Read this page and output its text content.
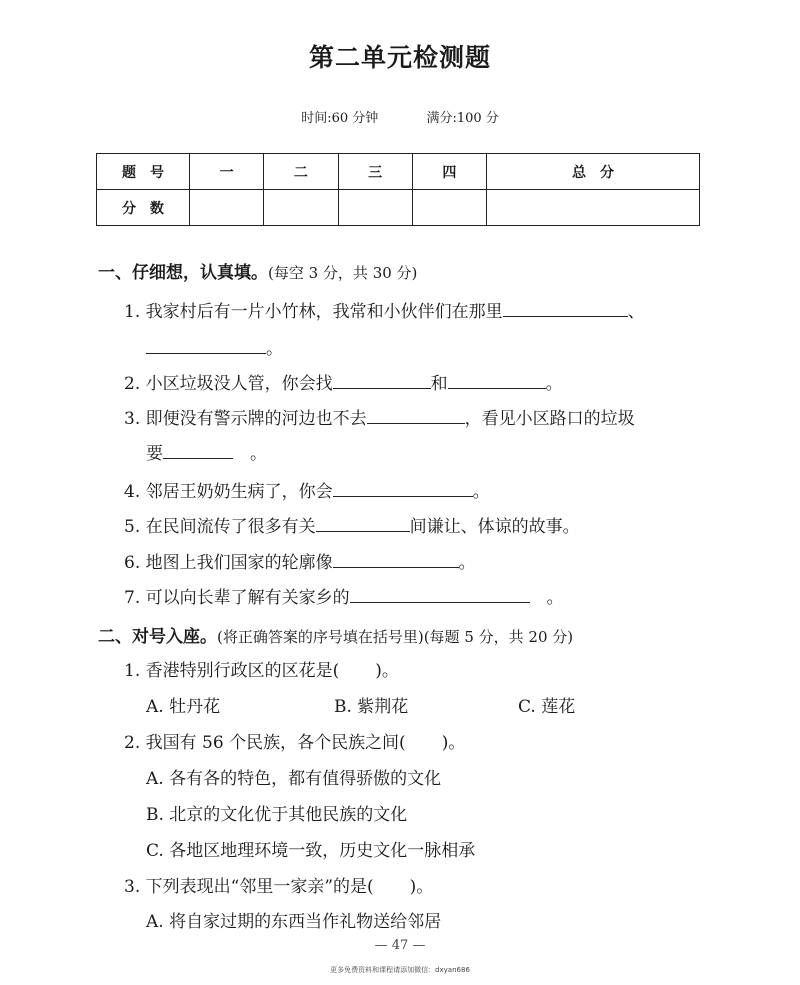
第二单元检测题
时间:60 分钟	满分:100 分
题　号	一	二	三	四	总　分
分　数					
一、仔细想，认真填。(每空 3 分，共 30 分)
1. 我家村后有一片小竹林，我常和小伙伴们在那里	、
。
2. 小区垃圾没人管，你会找	和	。
3. 即便没有警示牌的河边也不去	，看见小区路口的垃圾
要　	。
4. 邻居王奶奶生病了，你会	。
5. 在民间流传了很多有关	间谦让、体谅的故事。
6. 地图上我们国家的轮廓像	。
7. 可以向长辈了解有关家乡的　	。
二、对号入座。(将正确答案的序号填在括号里)(每题 5 分，共 20 分)
1. 香港特别行政区的区花是( )。
A. 牡丹花	B. 紫荆花	C. 莲花
2. 我国有 56 个民族，各个民族之间( )。
A. 各有各的特色，都有值得骄傲的文化
B. 北京的文化优于其他民族的文化
C. 各地区地理环境一致，历史文化一脉相承
3. 下列表现出“邻里一家亲”的是( )。
A. 将自家过期的东西当作礼物送给邻居
— 47 —
更多免费资料和课程请添加微信：dxyan686
